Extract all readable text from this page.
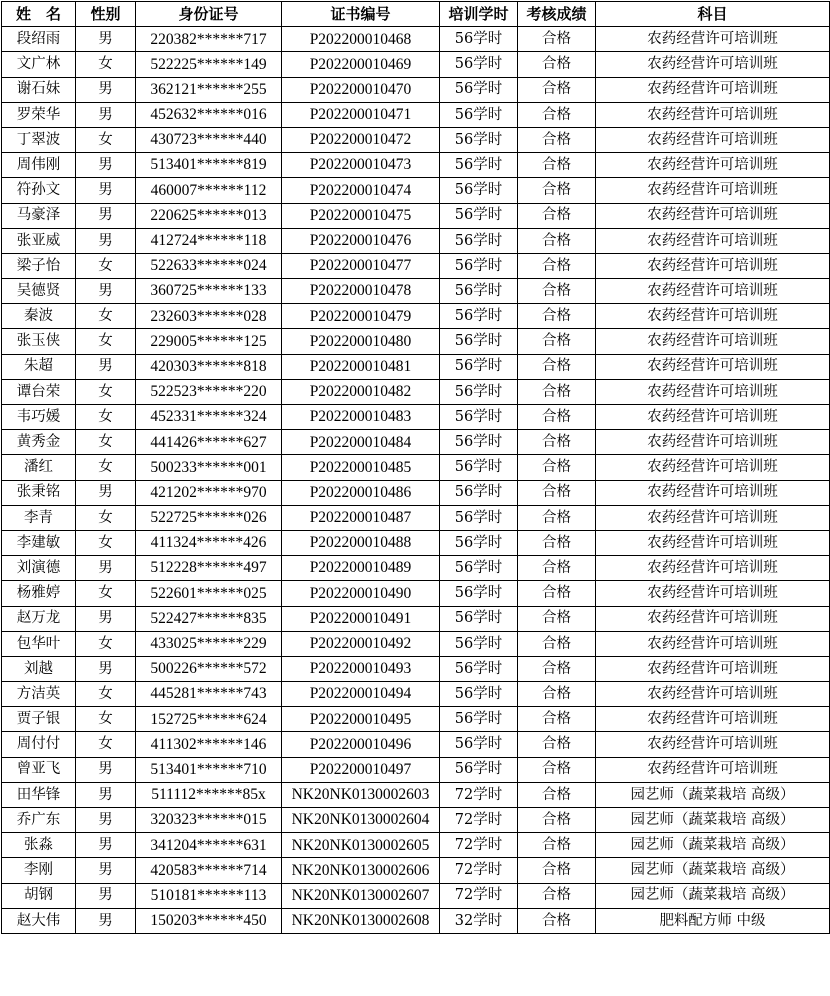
姓　名	性别	身份证号	证书编号	培训学时	考核成绩	科目
段绍雨	男	220382******717	P202200010468	56学时	合格	农药经营许可培训班
文广林	女	522225******149	P202200010469	56学时	合格	农药经营许可培训班
谢石妹	男	362121******255	P202200010470	56学时	合格	农药经营许可培训班
罗荣华	男	452632******016	P202200010471	56学时	合格	农药经营许可培训班
丁翠波	女	430723******440	P202200010472	56学时	合格	农药经营许可培训班
周伟刚	男	513401******819	P202200010473	56学时	合格	农药经营许可培训班
符孙文	男	460007******112	P202200010474	56学时	合格	农药经营许可培训班
马豪泽	男	220625******013	P202200010475	56学时	合格	农药经营许可培训班
张亚威	男	412724******118	P202200010476	56学时	合格	农药经营许可培训班
梁子怡	女	522633******024	P202200010477	56学时	合格	农药经营许可培训班
吴德贤	男	360725******133	P202200010478	56学时	合格	农药经营许可培训班
秦波	女	232603******028	P202200010479	56学时	合格	农药经营许可培训班
张玉侠	女	229005******125	P202200010480	56学时	合格	农药经营许可培训班
朱超	男	420303******818	P202200010481	56学时	合格	农药经营许可培训班
谭台荣	女	522523******220	P202200010482	56学时	合格	农药经营许可培训班
韦巧媛	女	452331******324	P202200010483	56学时	合格	农药经营许可培训班
黄秀金	女	441426******627	P202200010484	56学时	合格	农药经营许可培训班
潘红	女	500233******001	P202200010485	56学时	合格	农药经营许可培训班
张秉铭	男	421202******970	P202200010486	56学时	合格	农药经营许可培训班
李青	女	522725******026	P202200010487	56学时	合格	农药经营许可培训班
李建敏	女	411324******426	P202200010488	56学时	合格	农药经营许可培训班
刘演德	男	512228******497	P202200010489	56学时	合格	农药经营许可培训班
杨雅婷	女	522601******025	P202200010490	56学时	合格	农药经营许可培训班
赵万龙	男	522427******835	P202200010491	56学时	合格	农药经营许可培训班
包华叶	女	433025******229	P202200010492	56学时	合格	农药经营许可培训班
刘越	男	500226******572	P202200010493	56学时	合格	农药经营许可培训班
方洁英	女	445281******743	P202200010494	56学时	合格	农药经营许可培训班
贾子银	女	152725******624	P202200010495	56学时	合格	农药经营许可培训班
周付付	女	411302******146	P202200010496	56学时	合格	农药经营许可培训班
曾亚飞	男	513401******710	P202200010497	56学时	合格	农药经营许可培训班
田华锋	男	511112******85x	NK20NK0130002603	72学时	合格	园艺师（蔬菜栽培 高级）
乔广东	男	320323******015	NK20NK0130002604	72学时	合格	园艺师（蔬菜栽培 高级）
张淼	男	341204******631	NK20NK0130002605	72学时	合格	园艺师（蔬菜栽培 高级）
李刚	男	420583******714	NK20NK0130002606	72学时	合格	园艺师（蔬菜栽培 高级）
胡钢	男	510181******113	NK20NK0130002607	72学时	合格	园艺师（蔬菜栽培 高级）
赵大伟	男	150203******450	NK20NK0130002608	32学时	合格	肥料配方师 中级
